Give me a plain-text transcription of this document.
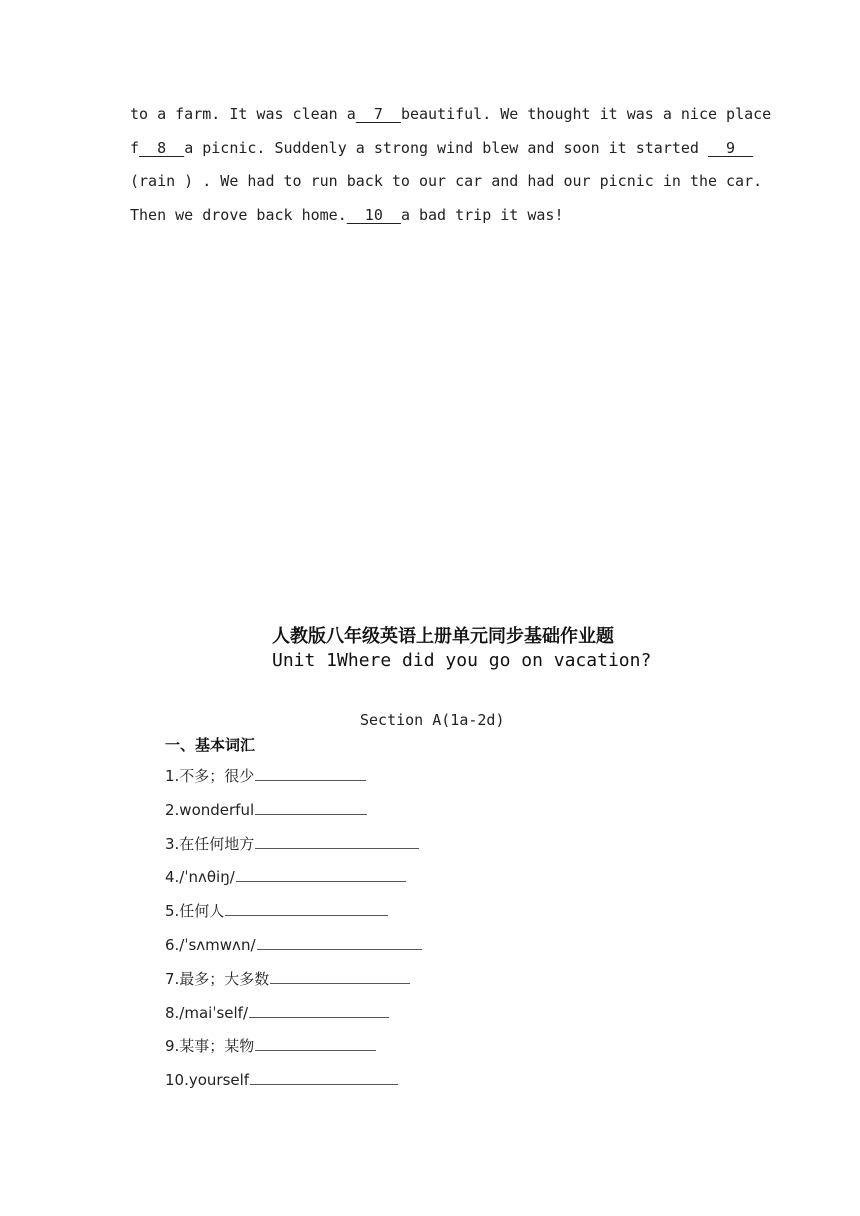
to a farm. It was clean a  7  beautiful. We thought it was a nice place
f  8  a picnic. Suddenly a strong wind blew and soon it started   9
(rain ) . We had to run back to our car and had our picnic in the car.
Then we drove back home.  10  a bad trip it was!
人教版八年级英语上册单元同步基础作业题
Unit 1Where did you go on vacation?
Section A(1a-2d)
一、基本词汇
1.不多；很少
2.wonderful
3.在任何地方
4./ˈnʌθiŋ/
5.任何人
6./ˈsʌmwʌn/
7.最多；大多数
8./maiˈself/
9.某事；某物
10.yourself
